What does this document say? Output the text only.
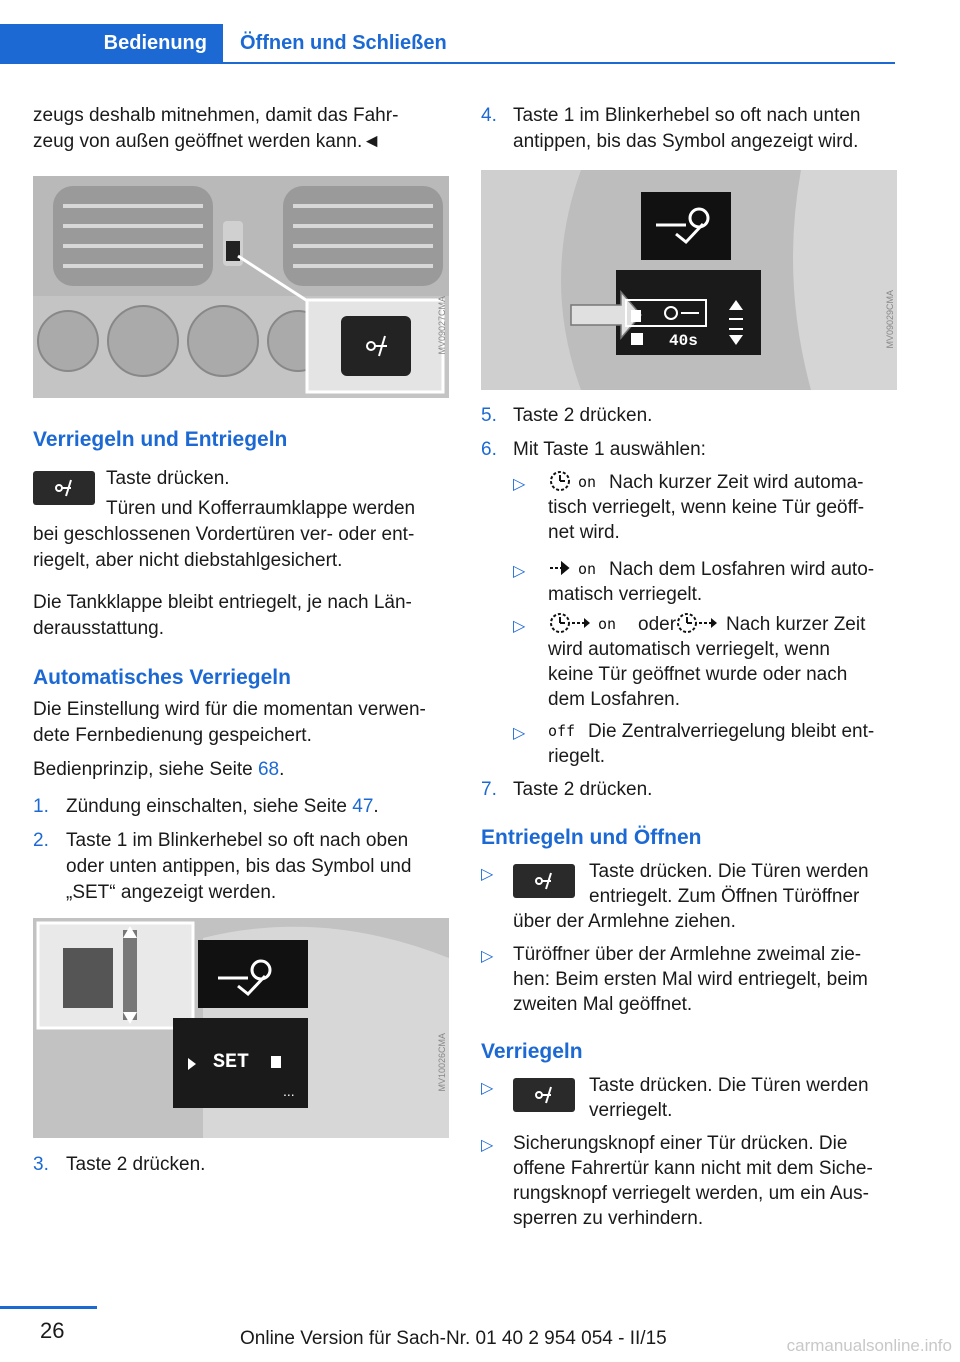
Bedienung	Öffnen und Schließen

zeugs deshalb mitnehmen, damit das Fahr-

zeug von außen geöffnet werden kann.◄

MV09027CMA
Verriegeln und Entriegeln

Taste drücken.

Türen und Kofferraumklappe werden

bei geschlossenen Vordertüren ver- oder ent-

riegelt, aber nicht diebstahlgesichert.

Die Tankklappe bleibt entriegelt, je nach Län-

derausstattung.

Automatisches Verriegeln

Die Einstellung wird für die momentan verwen-

dete Fernbedienung gespeichert.

Bedienprinzip, siehe Seite 68.

1. Zündung einschalten, siehe Seite 47.

2. Taste 1 im Blinkerhebel so oft nach oben

oder unten antippen, bis das Symbol und

„SET“ angezeigt werden.

...
SET	MV10026CMA
3. Taste 2 drücken.

4. Taste 1 im Blinkerhebel so oft nach unten

antippen, bis das Symbol angezeigt wird.

40s	MV09029CMA
5. Taste 2 drücken.

6. Mit Taste 1 auswählen:

▷	on Nach kurzer Zeit wird automa-

tisch verriegelt, wenn keine Tür geöff-

net wird.

▷	on Nach dem Losfahren wird auto-

matisch verriegelt.

▷	on oder	Nach kurzer Zeit

wird automatisch verriegelt, wenn

keine Tür geöffnet wurde oder nach

dem Losfahren.

▷ off Die Zentralverriegelung bleibt ent-

riegelt.

7. Taste 2 drücken.

Entriegeln und Öffnen
▷	Taste drücken. Die Türen werden

entriegelt. Zum Öffnen Türöffner

über der Armlehne ziehen.

▷ Türöffner über der Armlehne zweimal zie-

hen: Beim ersten Mal wird entriegelt, beim

zweiten Mal geöffnet.

Verriegeln
▷	Taste drücken. Die Türen werden

verriegelt.

▷ Sicherungsknopf einer Tür drücken. Die

offene Fahrertür kann nicht mit dem Siche-

rungsknopf verriegelt werden, um ein Aus-

sperren zu verhindern.

26	Online Version für Sach-Nr. 01 40 2 954 054 - II/15	carmanualsonline.info
